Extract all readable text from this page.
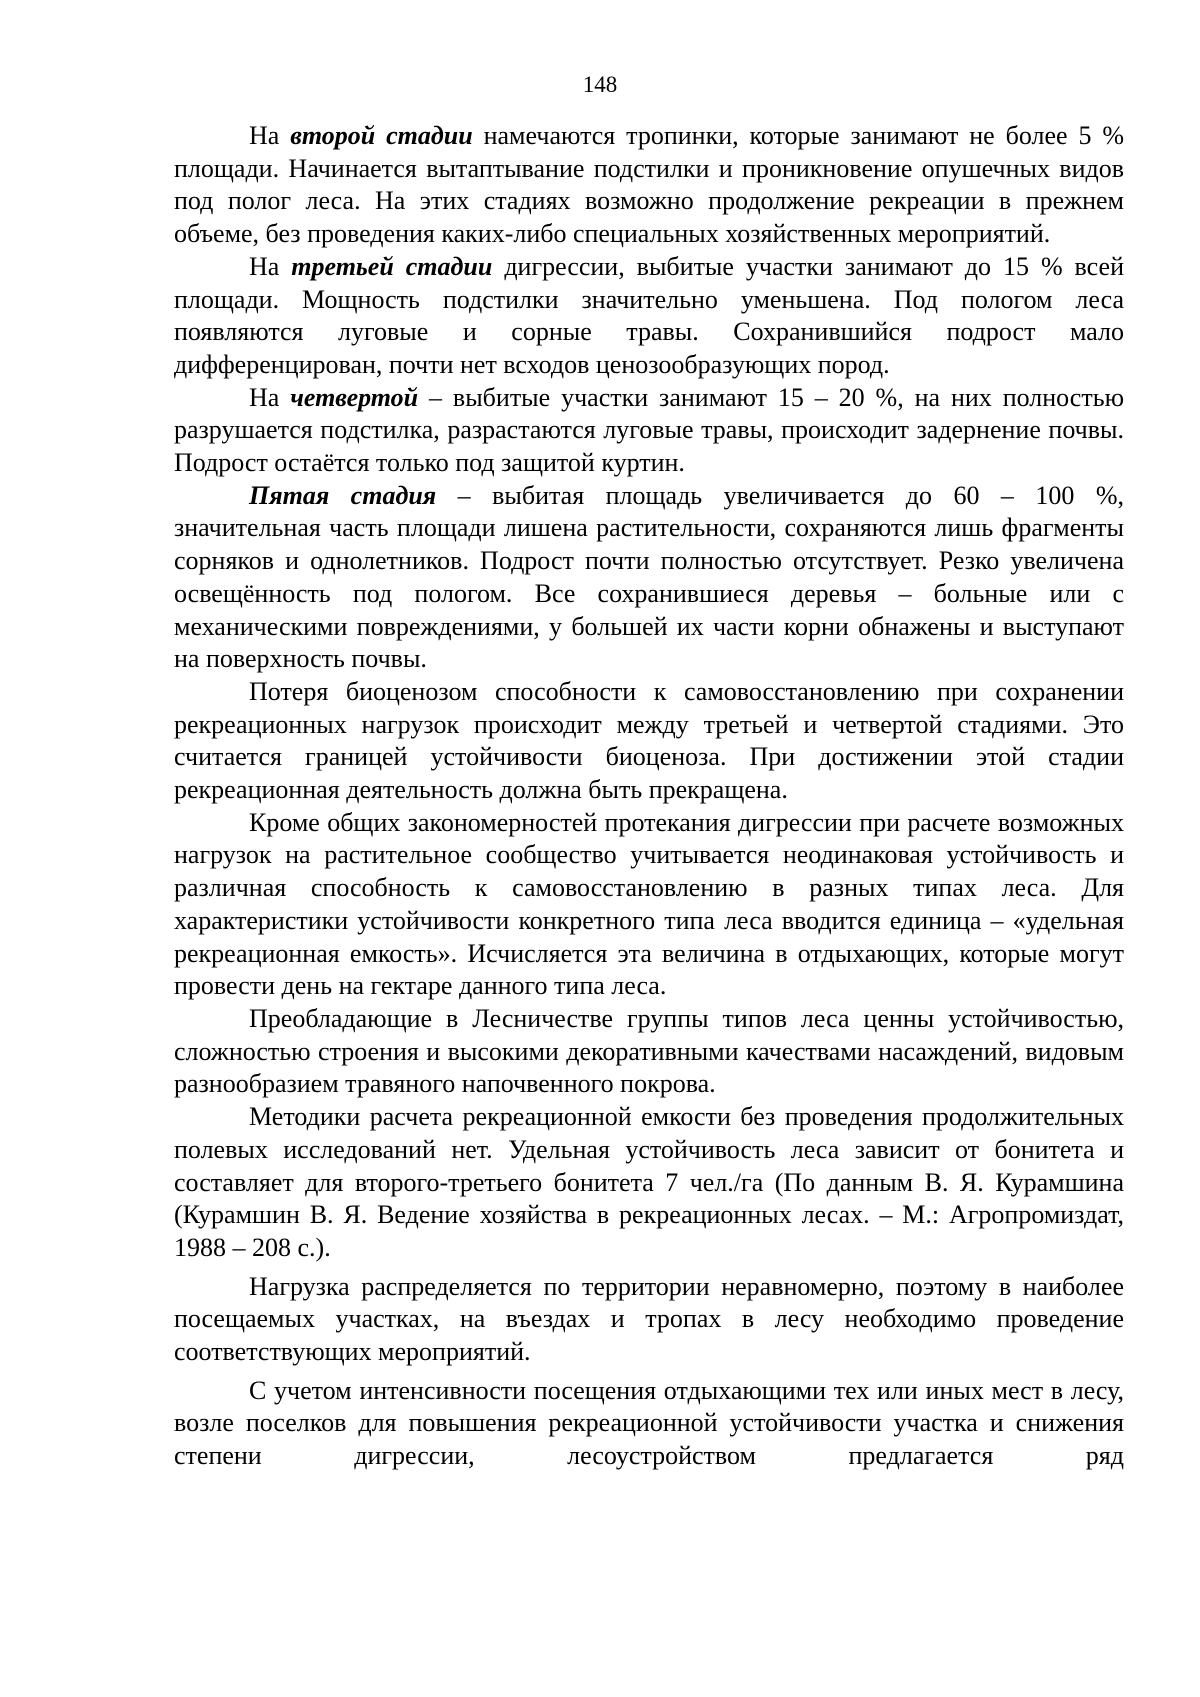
148

На второй стадии намечаются тропинки, которые занимают не более 5 % площади. Начинается вытаптывание подстилки и проникновение опушечных видов под полог леса. На этих стадиях возможно продолжение рекреации в прежнем объеме, без проведения каких-либо специальных хозяйственных мероприятий.

На третьей стадии дигрессии, выбитые участки занимают до 15 % всей площади. Мощность подстилки значительно уменьшена. Под пологом леса появляются луговые и сорные травы. Сохранившийся подрост мало дифференцирован, почти нет всходов ценозообразующих пород.

На четвертой – выбитые участки занимают 15 – 20 %, на них полностью разрушается подстилка, разрастаются луговые травы, происходит задернение почвы. Подрост остаётся только под защитой куртин.

Пятая стадия – выбитая площадь увеличивается до 60 – 100 %, значительная часть площади лишена растительности, сохраняются лишь фрагменты сорняков и однолетников. Подрост почти полностью отсутствует. Резко увеличена освещённость под пологом. Все сохранившиеся деревья – больные или с механическими повреждениями, у большей их части корни обнажены и выступают на поверхность почвы.

Потеря биоценозом способности к самовосстановлению при сохранении рекреационных нагрузок происходит между третьей и четвертой стадиями. Это считается границей устойчивости биоценоза. При достижении этой стадии рекреационная деятельность должна быть прекращена.

Кроме общих закономерностей протекания дигрессии при расчете возможных нагрузок на растительное сообщество учитывается неодинаковая устойчивость и различная способность к самовосстановлению в разных типах леса. Для характеристики устойчивости конкретного типа леса вводится единица – «удельная рекреационная емкость». Исчисляется эта величина в отдыхающих, которые могут провести день на гектаре данного типа леса.

Преобладающие в Лесничестве группы типов леса ценны устойчивостью, сложностью строения и высокими декоративными качествами насаждений, видовым разнообразием травяного напочвенного покрова.

Методики расчета рекреационной емкости без проведения продолжительных полевых исследований нет. Удельная устойчивость леса зависит от бонитета и составляет для второго-третьего бонитета 7 чел./га (По данным В. Я. Курамшина (Курамшин В. Я. Ведение хозяйства в рекреационных лесах. – М.: Агропромиздат, 1988 – 208 с.).

Нагрузка распределяется по территории неравномерно, поэтому в наиболее посещаемых участках, на въездах и тропах в лесу необходимо проведение соответствующих мероприятий.

С учетом интенсивности посещения отдыхающими тех или иных мест в лесу, возле поселков для повышения рекреационной устойчивости участка и снижения степени дигрессии, лесоустройством предлагается ряд
